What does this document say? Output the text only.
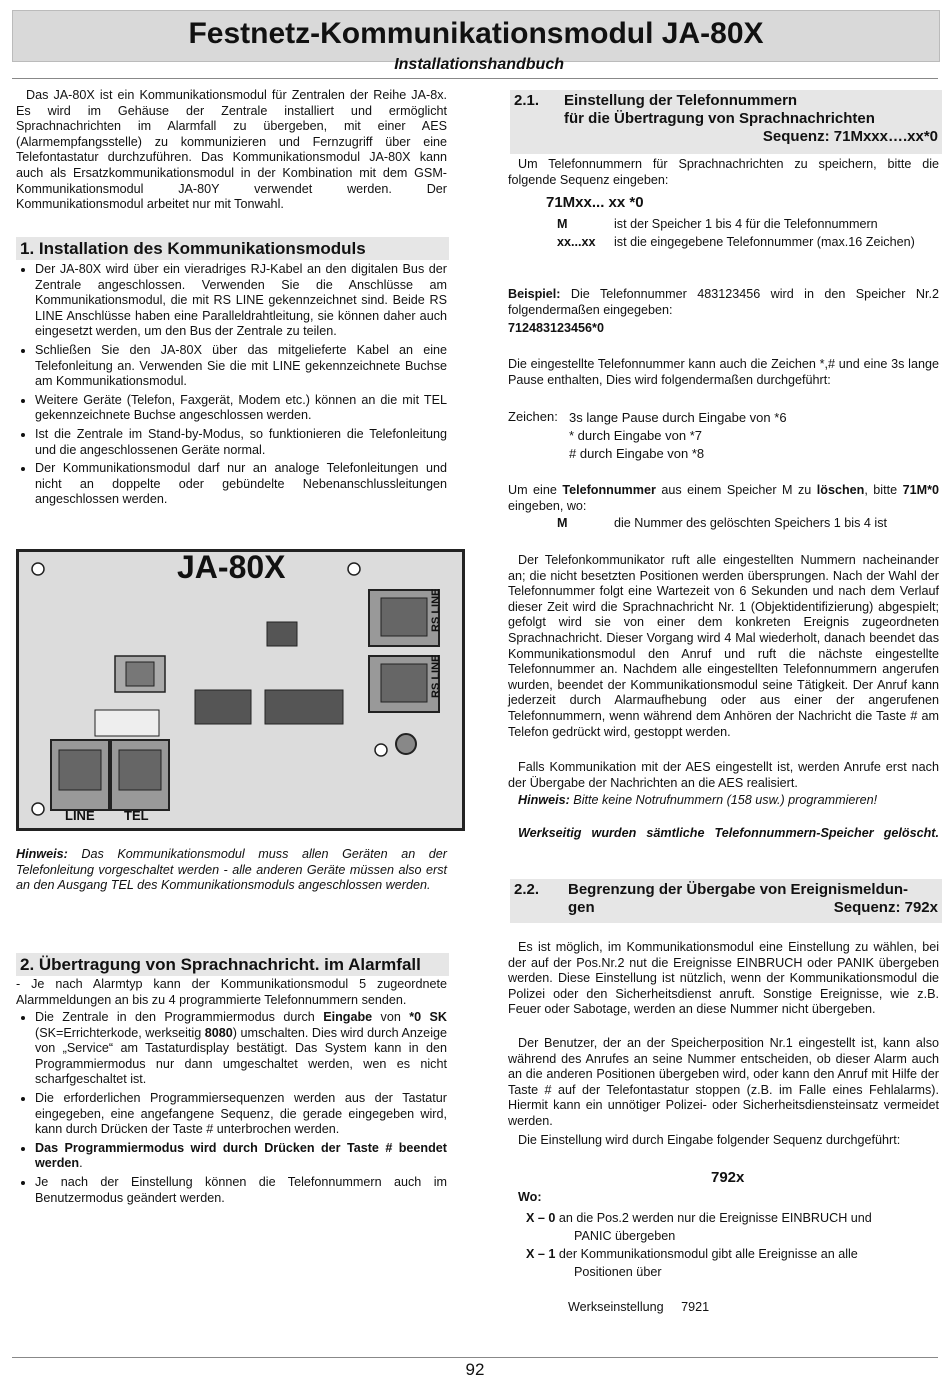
Festnetz-Kommunikationsmodul JA-80X
Installationshandbuch

Das JA-80X ist ein Kommunikationsmodul für Zentralen der Reihe JA-8x. Es wird im Gehäuse der Zentrale installiert und ermöglicht Sprachnachrichten im Alarmfall zu übergeben, mit einer AES (Alarmempfangsstelle) zu kommunizieren und Fernzugriff über eine Telefontastatur durchzuführen. Das Kommunikationsmodul JA-80X kann auch als Ersatzkommunikationsmodul in der Kombination mit dem GSM- Kommunikationsmodul JA-80Y verwendet werden. Der Kommunikationsmodul arbeitet nur mit Tonwahl.

1. Installation des Kommunikationsmoduls
• Der JA-80X wird über ein vieradriges RJ-Kabel an den digitalen Bus der Zentrale angeschlossen. Verwenden Sie die Anschlüsse am Kommunikationsmodul, die mit RS LINE gekennzeichnet sind. Beide RS LINE Anschlüsse haben eine Paralleldrahtleitung, sie können daher auch eingesetzt werden, um den Bus der Zentrale zu teilen.
• Schließen Sie den JA-80X über das mitgelieferte Kabel an eine Telefonleitung an. Verwenden Sie die mit LINE gekennzeichnete Buchse am Kommunikationsmodul.
• Weitere Geräte (Telefon, Faxgerät, Modem etc.) können an die mit TEL gekennzeichnete Buchse angeschlossen werden.
• Ist die Zentrale im Stand-by-Modus, so funktionieren die Telefonleitung und die angeschlossenen Geräte normal.
• Der Kommunikationsmodul darf nur an analoge Telefonleitungen und nicht an doppelte oder gebündelte Nebenanschlussleitungen angeschlossen werden.
JA-80X
RS LINE
RS LINE
LINE TEL

Hinweis: Das Kommunikationsmodul muss allen Geräten an der Telefonleitung vorgeschaltet werden - alle anderen Geräte müssen also erst an den Ausgang TEL des Kommunikationsmoduls angeschlossen werden.

2. Übertragung von Sprachnachricht. im Alarmfall

- Je nach Alarmtyp kann der Kommunikationsmodul 5 zugeordnete Alarmmeldungen an bis zu 4 programmierte Telefonnummern senden.

• Die Zentrale in den Programmiermodus durch Eingabe von *0 SK (SK=Errichterkode, werkseitig 8080) umschalten. Dies wird durch Anzeige von „Service“ am Tastaturdisplay bestätigt. Das System kann in den Programmiermodus nur dann umgeschaltet werden, wen es nicht scharfgeschaltet ist.
• Die erforderlichen Programmiersequenzen werden aus der Tastatur eingegeben, eine angefangene Sequenz, die gerade eingegeben wird, kann durch Drücken der Taste # unterbrochen werden.
• Das Programmiermodus wird durch Drücken der Taste # beendet werden.
• Je nach der Einstellung können die Telefonnummern auch im Benutzermodus geändert werden.
2.1.	Einstellung der Telefonnummern
für die Übertragung von Sprachnachrichten
Sequenz: 71Mxxx….xx*0

Um Telefonnummern für Sprachnachrichten zu speichern, bitte die folgende Sequenz eingeben:

71Mxx... xx *0
M	ist der Speicher 1 bis 4 für die Telefonnummern
xx...xx ist die eingegebene Telefonnummer (max.16 Zeichen)

Beispiel: Die Telefonnummer 483123456 wird in den Speicher Nr.2 folgendermaßen eingegeben:

712483123456*0

Die eingestellte Telefonnummer kann auch die Zeichen *,# und eine 3s lange Pause enthalten, Dies wird folgendermaßen durchgeführt:

Zeichen: 3s lange Pause durch Eingabe von *6
* durch Eingabe von *7
# durch Eingabe von *8

Um eine Telefonnummer aus einem Speicher M zu löschen, bitte 71M*0 eingeben, wo:

M	die Nummer des gelöschten Speichers 1 bis 4 ist

Der Telefonkommunikator ruft alle eingestellten Nummern nacheinander an; die nicht besetzten Positionen werden übersprungen. Nach der Wahl der Telefonnummer folgt eine Wartezeit von 6 Sekunden und nach dem Verlauf dieser Zeit wird die Sprachnachricht Nr. 1 (Objektidentifizierung) abgespielt; gefolgt wird sie von einer dem konkreten Ereignis zugeordneten Sprachnachricht. Dieser Vorgang wird 4 Mal wiederholt, danach beendet das Kommunikationsmodul den Anruf und ruft die nächste eingestellte Telefonnummer an. Nachdem alle eingestellten Telefonnummern angerufen wurden, beendet der Kommunikationsmodul seine Tätigkeit. Der Anruf kann jederzeit durch Alarmaufhebung oder aus einer der angerufenen Telefonnummern, wenn während dem Anhören der Nachricht die Taste # am Telefon gedrückt wird, gestoppt werden.

Falls Kommunikation mit der AES eingestellt ist, werden Anrufe erst nach der Übergabe der Nachrichten an die AES realisiert.

Hinweis: Bitte keine Notrufnummern (158 usw.) programmieren!

Werkseitig wurden sämtliche Telefonnummern-Speicher gelöscht.

2.2.	Begrenzung der Übergabe von Ereignismeldun-
gen	Sequenz: 792x

Es ist möglich, im Kommunikationsmodul eine Einstellung zu wählen, bei der auf der Pos.Nr.2 nut die Ereignisse EINBRUCH oder PANIK übergeben werden. Diese Einstellung ist nützlich, wenn der Kommunikationsmodul die Polizei oder den Sicherheitsdienst anruft. Sonstige Ereignisse, wie z.B. Feuer oder Sabotage, werden an diese Nummer nicht übergeben.

Der Benutzer, der an der Speicherposition Nr.1 eingestellt ist, kann also während des Anrufes an seine Nummer entscheiden, ob dieser Alarm auch an die anderen Positionen übergeben wird, oder kann den Anruf mit Hilfe der Taste # auf der Telefontastatur stoppen (z.B. im Falle eines Fehlalarms). Hiermit kann ein unnötiger Polizei- oder Sicherheitsdiensteinsatz vermeidet werden.

Die Einstellung wird durch Eingabe folgender Sequenz durchgeführt:

792x
Wo:
X – 0 an die Pos.2 werden nur die Ereignisse EINBRUCH und
PANIC übergeben
X – 1 der Kommunikationsmodul gibt alle Ereignisse an alle
Positionen über
Werkseinstellung 7921
92
